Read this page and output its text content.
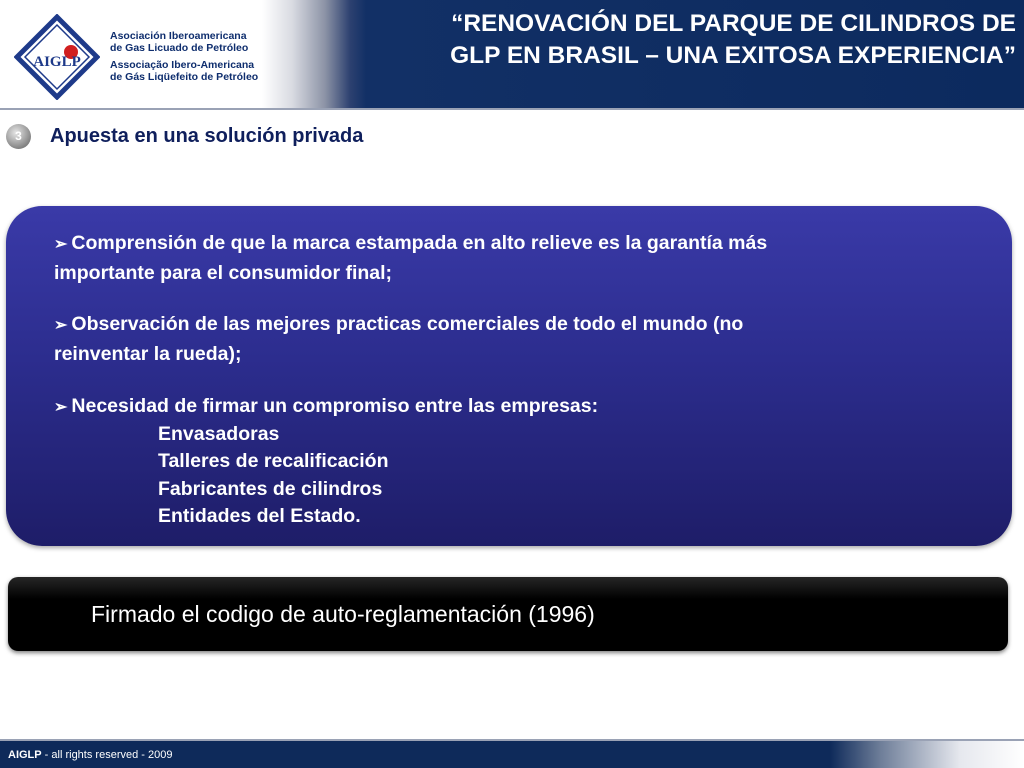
AIGLP
Asociación Iberoamericana
de Gas Licuado de Petróleo
Associação Ibero-Americana
de Gás Liqüefeito de Petróleo
“RENOVACIÓN DEL PARQUE DE CILINDROS DE
GLP EN BRASIL – UNA EXITOSA EXPERIENCIA”
3	Apuesta en una solución privada
➢ Comprensión de que la marca estampada en alto relieve es la garantía más
importante para el consumidor final;
➢ Observación de las mejores practicas comerciales de todo el mundo (no
reinventar la rueda);
➢ Necesidad de firmar un compromiso entre las empresas:
Envasadoras
Talleres de recalificación
Fabricantes de cilindros
Entidades del Estado.
Firmado el codigo de auto-reglamentación (1996)
AIGLP - all rights reserved - 2009
